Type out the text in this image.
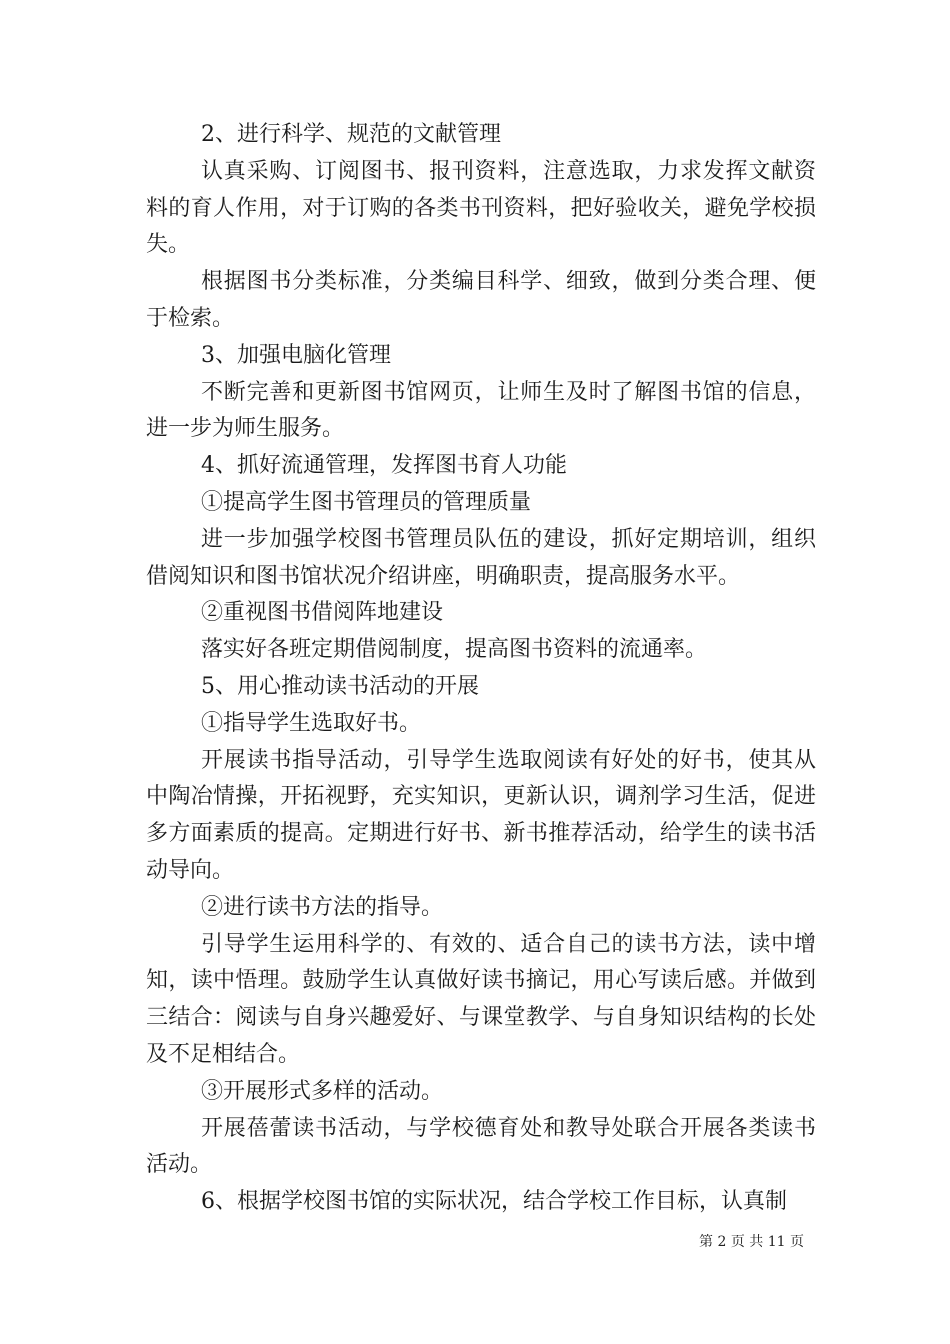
2、进行科学、规范的文献管理

认真采购、订阅图书、报刊资料，注意选取，力求发挥文献资料的育人作用，对于订购的各类书刊资料，把好验收关，避免学校损失。

根据图书分类标准，分类编目科学、细致，做到分类合理、便于检索。

3、加强电脑化管理

不断完善和更新图书馆网页，让师生及时了解图书馆的信息，进一步为师生服务。

4、抓好流通管理，发挥图书育人功能

①提高学生图书管理员的管理质量

进一步加强学校图书管理员队伍的建设，抓好定期培训，组织借阅知识和图书馆状况介绍讲座，明确职责，提高服务水平。

②重视图书借阅阵地建设

落实好各班定期借阅制度，提高图书资料的流通率。

5、用心推动读书活动的开展

①指导学生选取好书。

开展读书指导活动，引导学生选取阅读有好处的好书，使其从中陶冶情操，开拓视野，充实知识，更新认识，调剂学习生活，促进多方面素质的提高。定期进行好书、新书推荐活动，给学生的读书活动导向。

②进行读书方法的指导。

引导学生运用科学的、有效的、适合自己的读书方法，读中增知，读中悟理。鼓励学生认真做好读书摘记，用心写读后感。并做到三结合：阅读与自身兴趣爱好、与课堂教学、与自身知识结构的长处及不足相结合。

③开展形式多样的活动。

开展蓓蕾读书活动，与学校德育处和教导处联合开展各类读书活动。

6、根据学校图书馆的实际状况，结合学校工作目标，认真制

第 2 页 共 11 页
